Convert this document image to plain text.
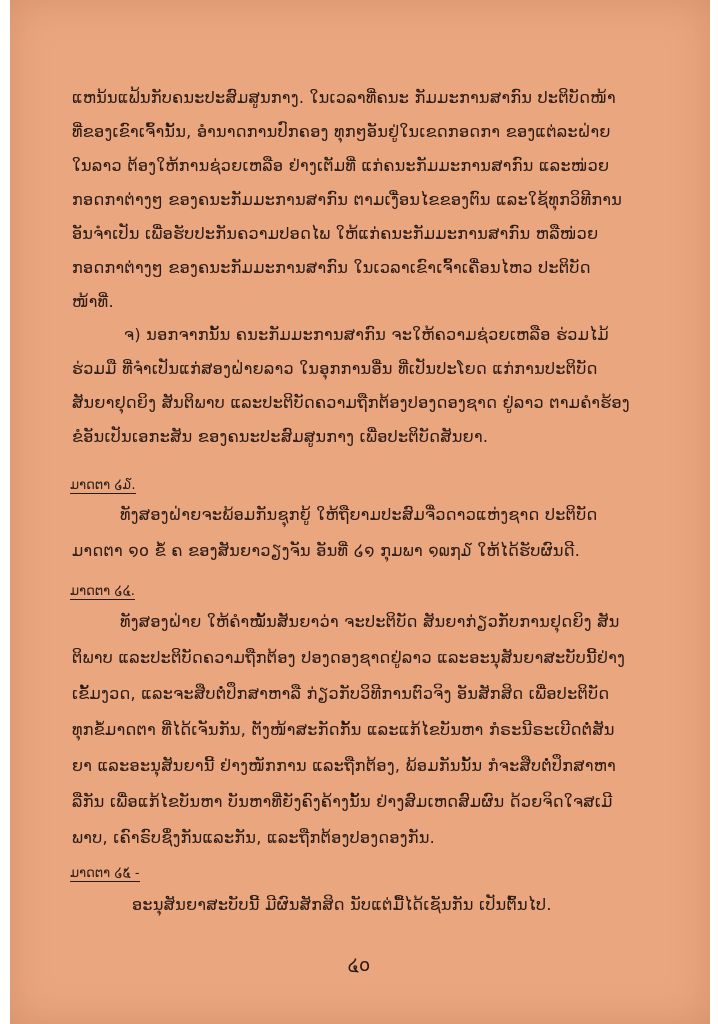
ແຫນ້ນແຟ້ນກັບຄນະປະສົມສູນກາງ. ໃນເວລາທີ່ຄນະ ກັມມະການສາກົນ ປະຕິບັດໜ້າ
ທີ່ຂອງເຂົາເຈົ້ານັ້ນ, ອຳນາດການປົກຄອງ ທຸກໆອັນຢູ່ໃນເຂດກອດກາ ຂອງແຕ່ລະຝ່າຍ
ໃນລາວ ຕ້ອງໃຫ້ການຊ່ວຍເຫລືອ ຢ່າງເຕັມທີ່ ແກ່ຄນະກັມມະການສາກົນ ແລະໜ່ວຍ
ກອດກາຕ່າງໆ ຂອງຄນະກັມມະການສາກົນ ຕາມເງື່ອນໄຂຂອງຕົນ ແລະໃຊ້ທຸກວິທີການ
ອັນຈຳເປັນ ເພື່ອຮັບປະກັນຄວາມປອດໄພ ໃຫ້ແກ່ຄນະກັມມະການສາກົນ ຫລືໜ່ວຍ
ກອດກາຕ່າງໆ ຂອງຄນະກັມມະການສາກົນ ໃນເວລາເຂົາເຈົ້າເຄື່ອນໄຫວ ປະຕິບັດ
ໜ້າທີ່.
ຈ) ນອກຈາກນັ້ນ ຄນະກັມມະການສາກົນ ຈະໃຫ້ຄວາມຊ່ວຍເຫລືອ ຮ່ວມໄມ້
ຮ່ວມມື ທີ່ຈຳເປັນແກ່ສອງຝ່າຍລາວ ໃນອຸກການອື່ນ ທີ່ເປັນປະໂຍດ ແກ່ການປະຕິບັດ
ສັນຍາຢຸດຍິງ ສັນຕິພາບ ແລະປະຕິບັດຄວາມຖືກຕ້ອງປອງດອງຊາດ ຢູ່ລາວ ຕາມຄຳຮ້ອງ
ຂໍອັນເປັນເອກະສັນ ຂອງຄນະປະສົມສູນກາງ ເພື່ອປະຕິບັດສັນຍາ.
ມາດຕາ ໒໓.
ທັງສອງຝ່າຍຈະພ້ອມກັນຊຸກຍູ້ ໃຫ້ຖືຍາມປະສົມຈື່ວດາວແຫ່ງຊາດ ປະຕິບັດ
ມາດຕາ ໑໐ ຂໍ້ ຄ ຂອງສັນຍາວຽງຈັນ ອັນທີ່ ໒໑ ກຸມພາ ໑໙໗໓ ໃຫ້ໄດ້ຮັບຜົນດີ.
ມາດຕາ ໒໔.
ທັງສອງຝ່າຍ ໃຫ້ຄຳໝັ້ນສັນຍາວ່າ ຈະປະຕິບັດ ສັນຍາກ່ຽວກັບການຢຸດຍິງ ສັນ
ຕິພາບ ແລະປະຕິບັດຄວາມຖືກຕ້ອງ ປອງດອງຊາດຢູ່ລາວ ແລະອະນຸສັນຍາສະບັບນີ້ຢ່າງ
ເຂັ້ມງວດ, ແລະຈະສືບຕໍ່ປຶກສາຫາລື ກ່ຽວກັບວິທີການຕົວຈິງ ອັນສັກສິດ ເພື່ອປະຕິບັດ
ທຸກຂໍ້ມາດຕາ ທີ່ໄດ້ເຈັນກັນ, ຕັງໜ້າສະກັດກັ້ນ ແລະແກ້ໄຂບັນຫາ ກໍຣະນີຣະເບີດຕໍ່ສັນ
ຍາ ແລະອະນຸສັນຍານີ້ ຢ່າງໜັກການ ແລະຖືກຕ້ອງ, ພ້ອມກັນນັ້ນ ກໍຈະສືບຕໍ່ປຶກສາຫາ
ລືກັນ ເພື່ອແກ້ໄຂບັນຫາ ບັນຫາທີ່ຍັງຄົງຄ້າງນັ້ນ ຢ່າງສົມເຫດສົມຜົນ ດ້ວຍຈິດໃຈສເມີ
ພາບ, ເຄົາຣົບຊຶ່ງກັນແລະກັນ, ແລະຖືກຕ້ອງປອງດອງກັນ.
ມາດຕາ ໒໕ -
ອະນຸສັນຍາສະບັບນີ້ ມີຜົນສັກສິດ ນັບແຕ່ມື້ໄດ້ເຊັນກັນ ເປັນຕົ້ນໄປ.
໔໐
